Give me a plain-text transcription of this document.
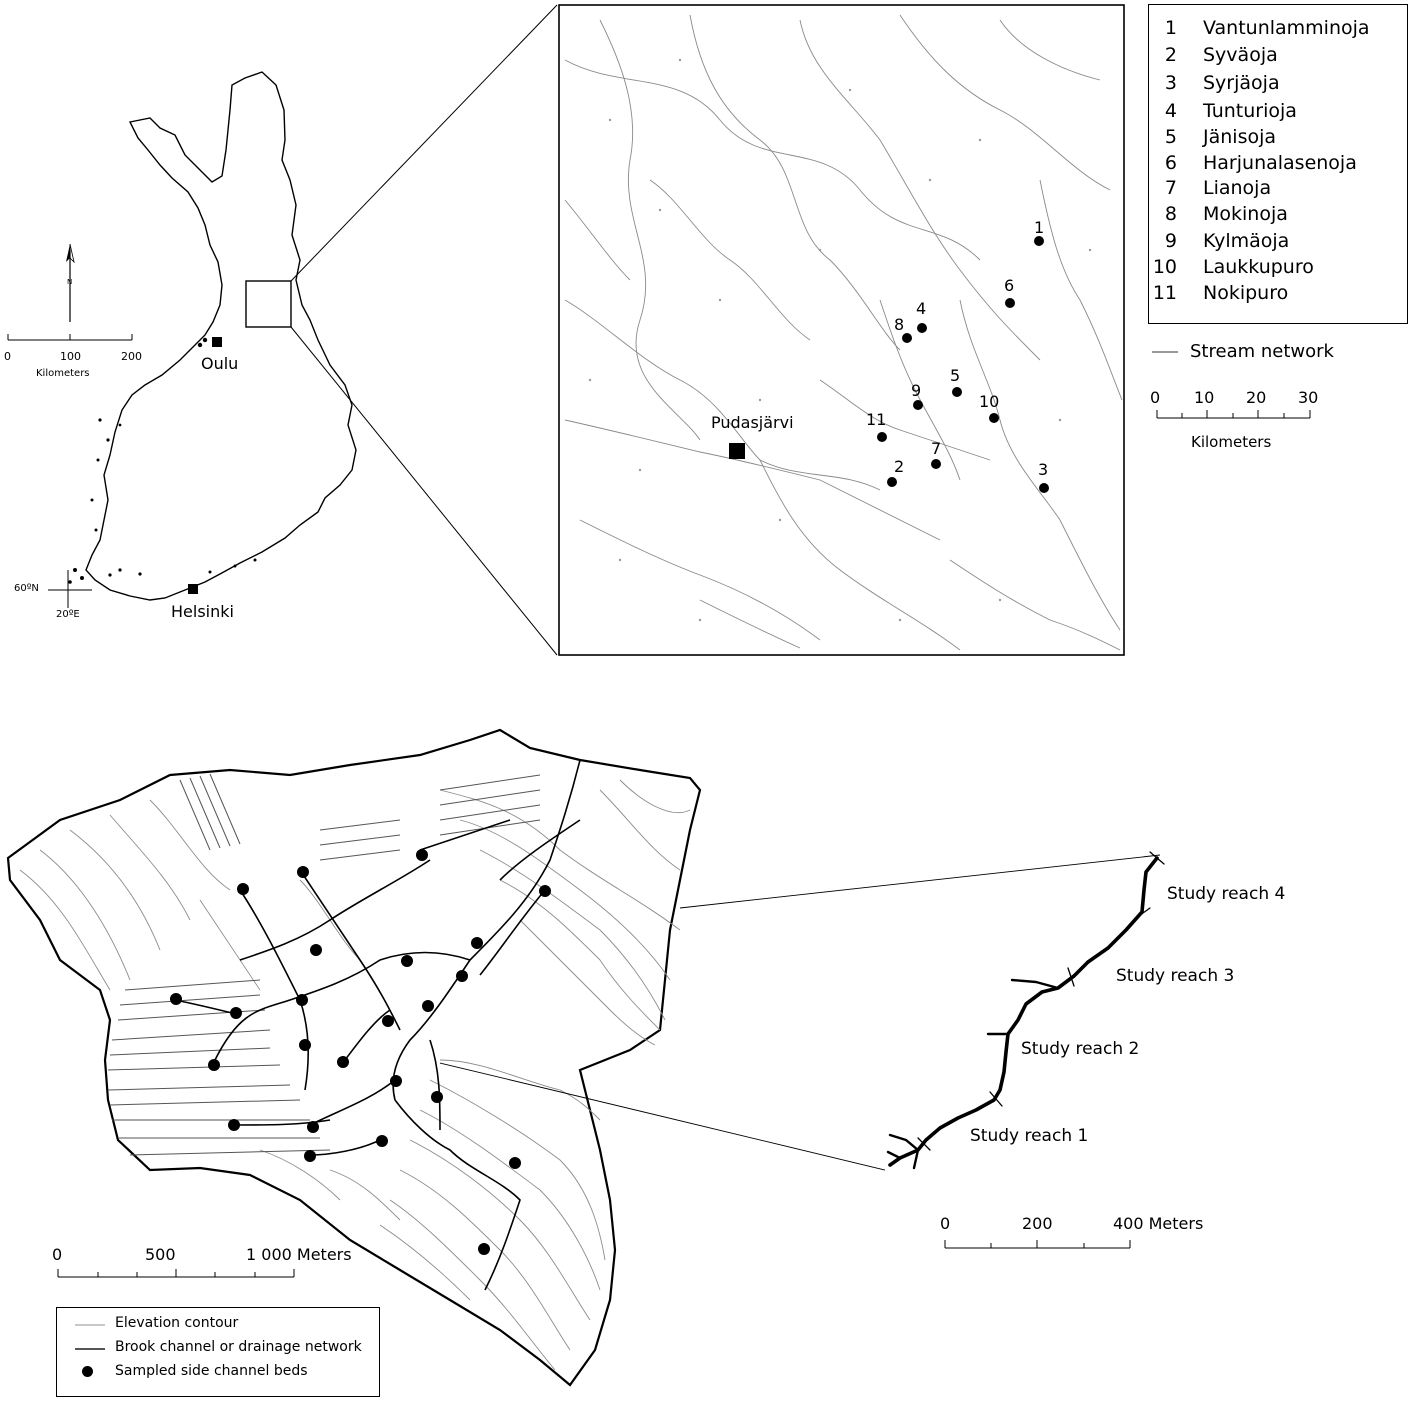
Oulu
Helsinki
N
0	100	200
Kilometers
60ºN
20ºE
Pudasjärvi
1
2	3
4
5
6
7
8
9
10
11
1 Vantunlamminoja
2 Syväoja
3 Syrjäoja
4 Tunturioja
5 Jänisoja
6 Harjunalasenoja
7 Lianoja
8 Mokinoja
9 Kylmäoja
10 Laukkupuro
11 Nokipuro
Stream network
0 10 20 30
Kilometers
0	500	1 000 Meters
Elevation contour
Brook channel or drainage network
Sampled side channel beds
Study reach 4
Study reach 3
Study reach 2
Study reach 1
0	200	400 Meters
